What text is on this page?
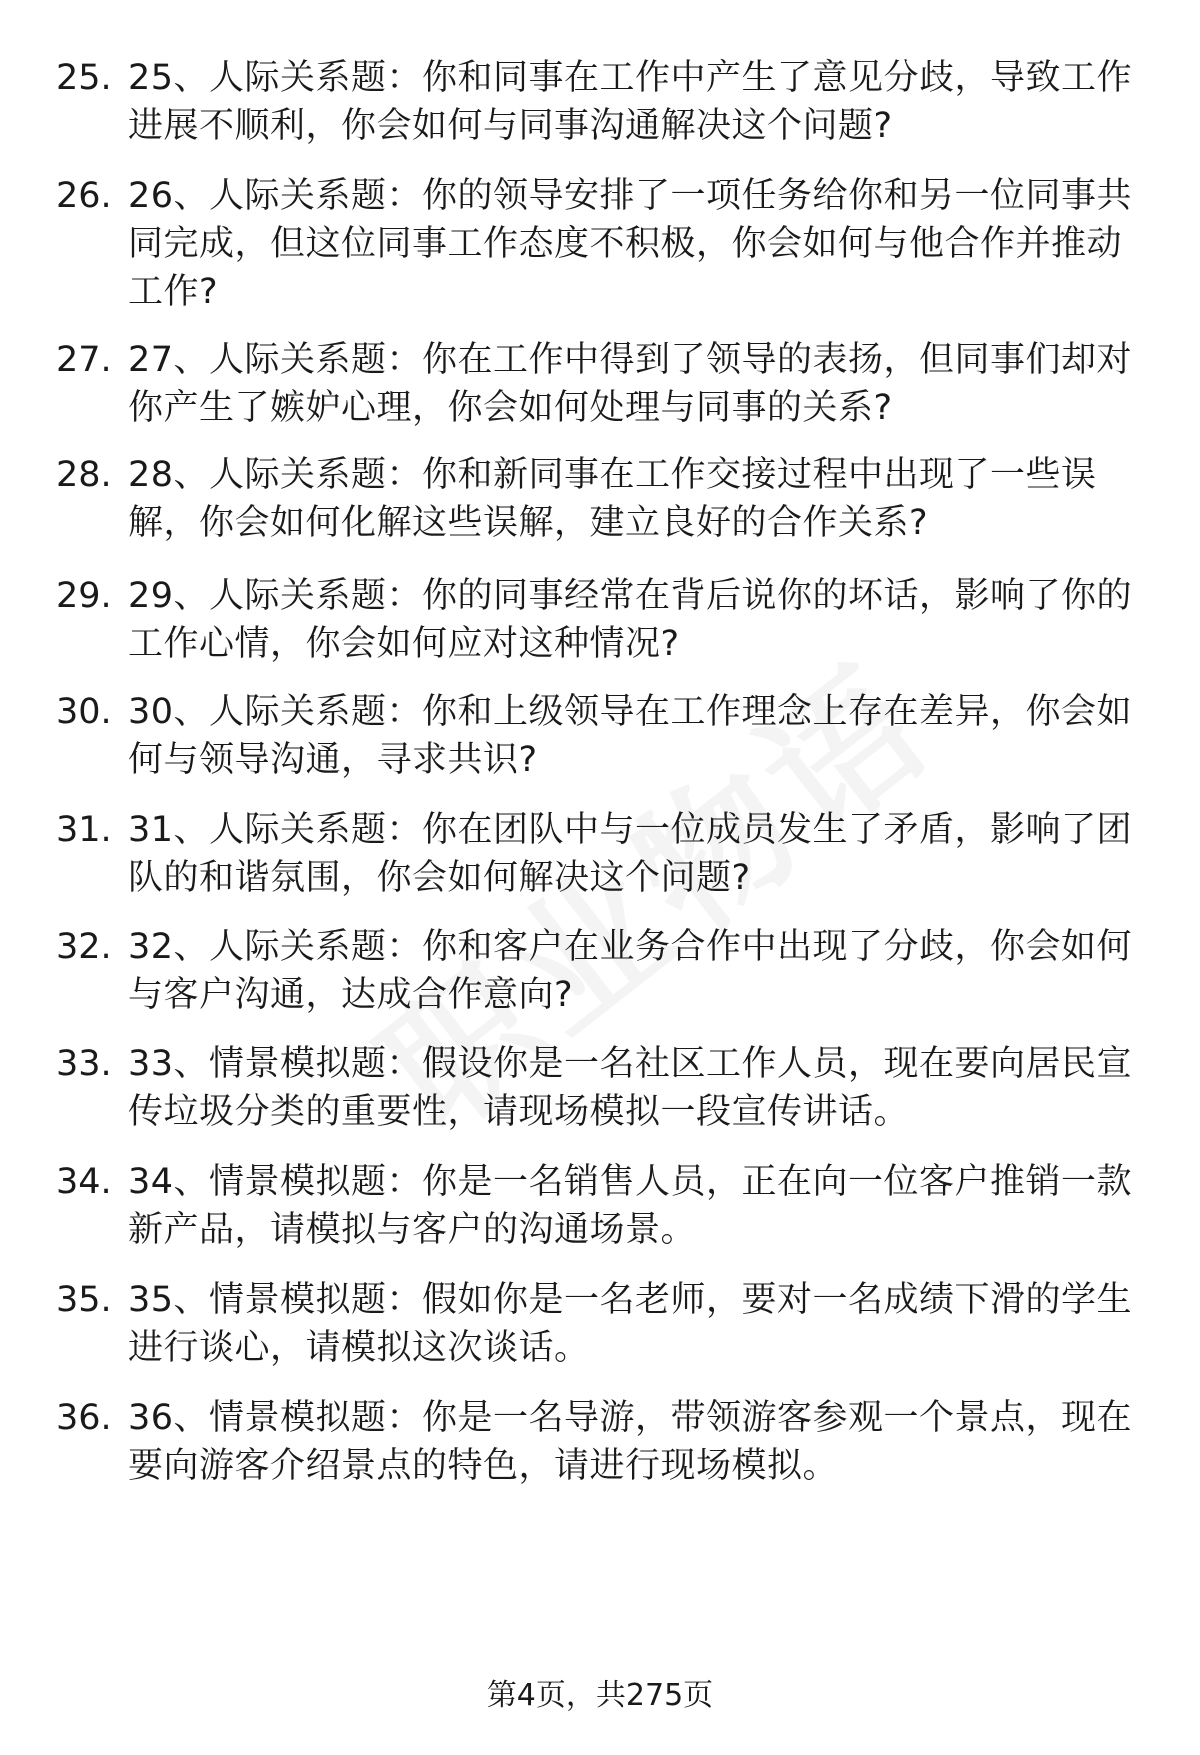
25. 25、人际关系题：你和同事在工作中产生了意见分歧，导致工作进展不顺利，你会如何与同事沟通解决这个问题?
26. 26、人际关系题：你的领导安排了一项任务给你和另一位同事共同完成，但这位同事工作态度不积极，你会如何与他合作并推动工作?
27. 27、人际关系题：你在工作中得到了领导的表扬，但同事们却对你产生了嫉妒心理，你会如何处理与同事的关系?
28. 28、人际关系题：你和新同事在工作交接过程中出现了一些误解，你会如何化解这些误解，建立良好的合作关系?
29. 29、人际关系题：你的同事经常在背后说你的坏话，影响了你的工作心情，你会如何应对这种情况?
30. 30、人际关系题：你和上级领导在工作理念上存在差异，你会如何与领导沟通，寻求共识?
31. 31、人际关系题：你在团队中与一位成员发生了矛盾，影响了团队的和谐氛围，你会如何解决这个问题?
32. 32、人际关系题：你和客户在业务合作中出现了分歧，你会如何与客户沟通，达成合作意向?
33. 33、情景模拟题：假设你是一名社区工作人员，现在要向居民宣传垃圾分类的重要性，请现场模拟一段宣传讲话。
34. 34、情景模拟题：你是一名销售人员，正在向一位客户推销一款新产品，请模拟与客户的沟通场景。
35. 35、情景模拟题：假如你是一名老师，要对一名成绩下滑的学生进行谈心，请模拟这次谈话。
36. 36、情景模拟题：你是一名导游，带领游客参观一个景点，现在要向游客介绍景点的特色，请进行现场模拟。
第4页，共275页
